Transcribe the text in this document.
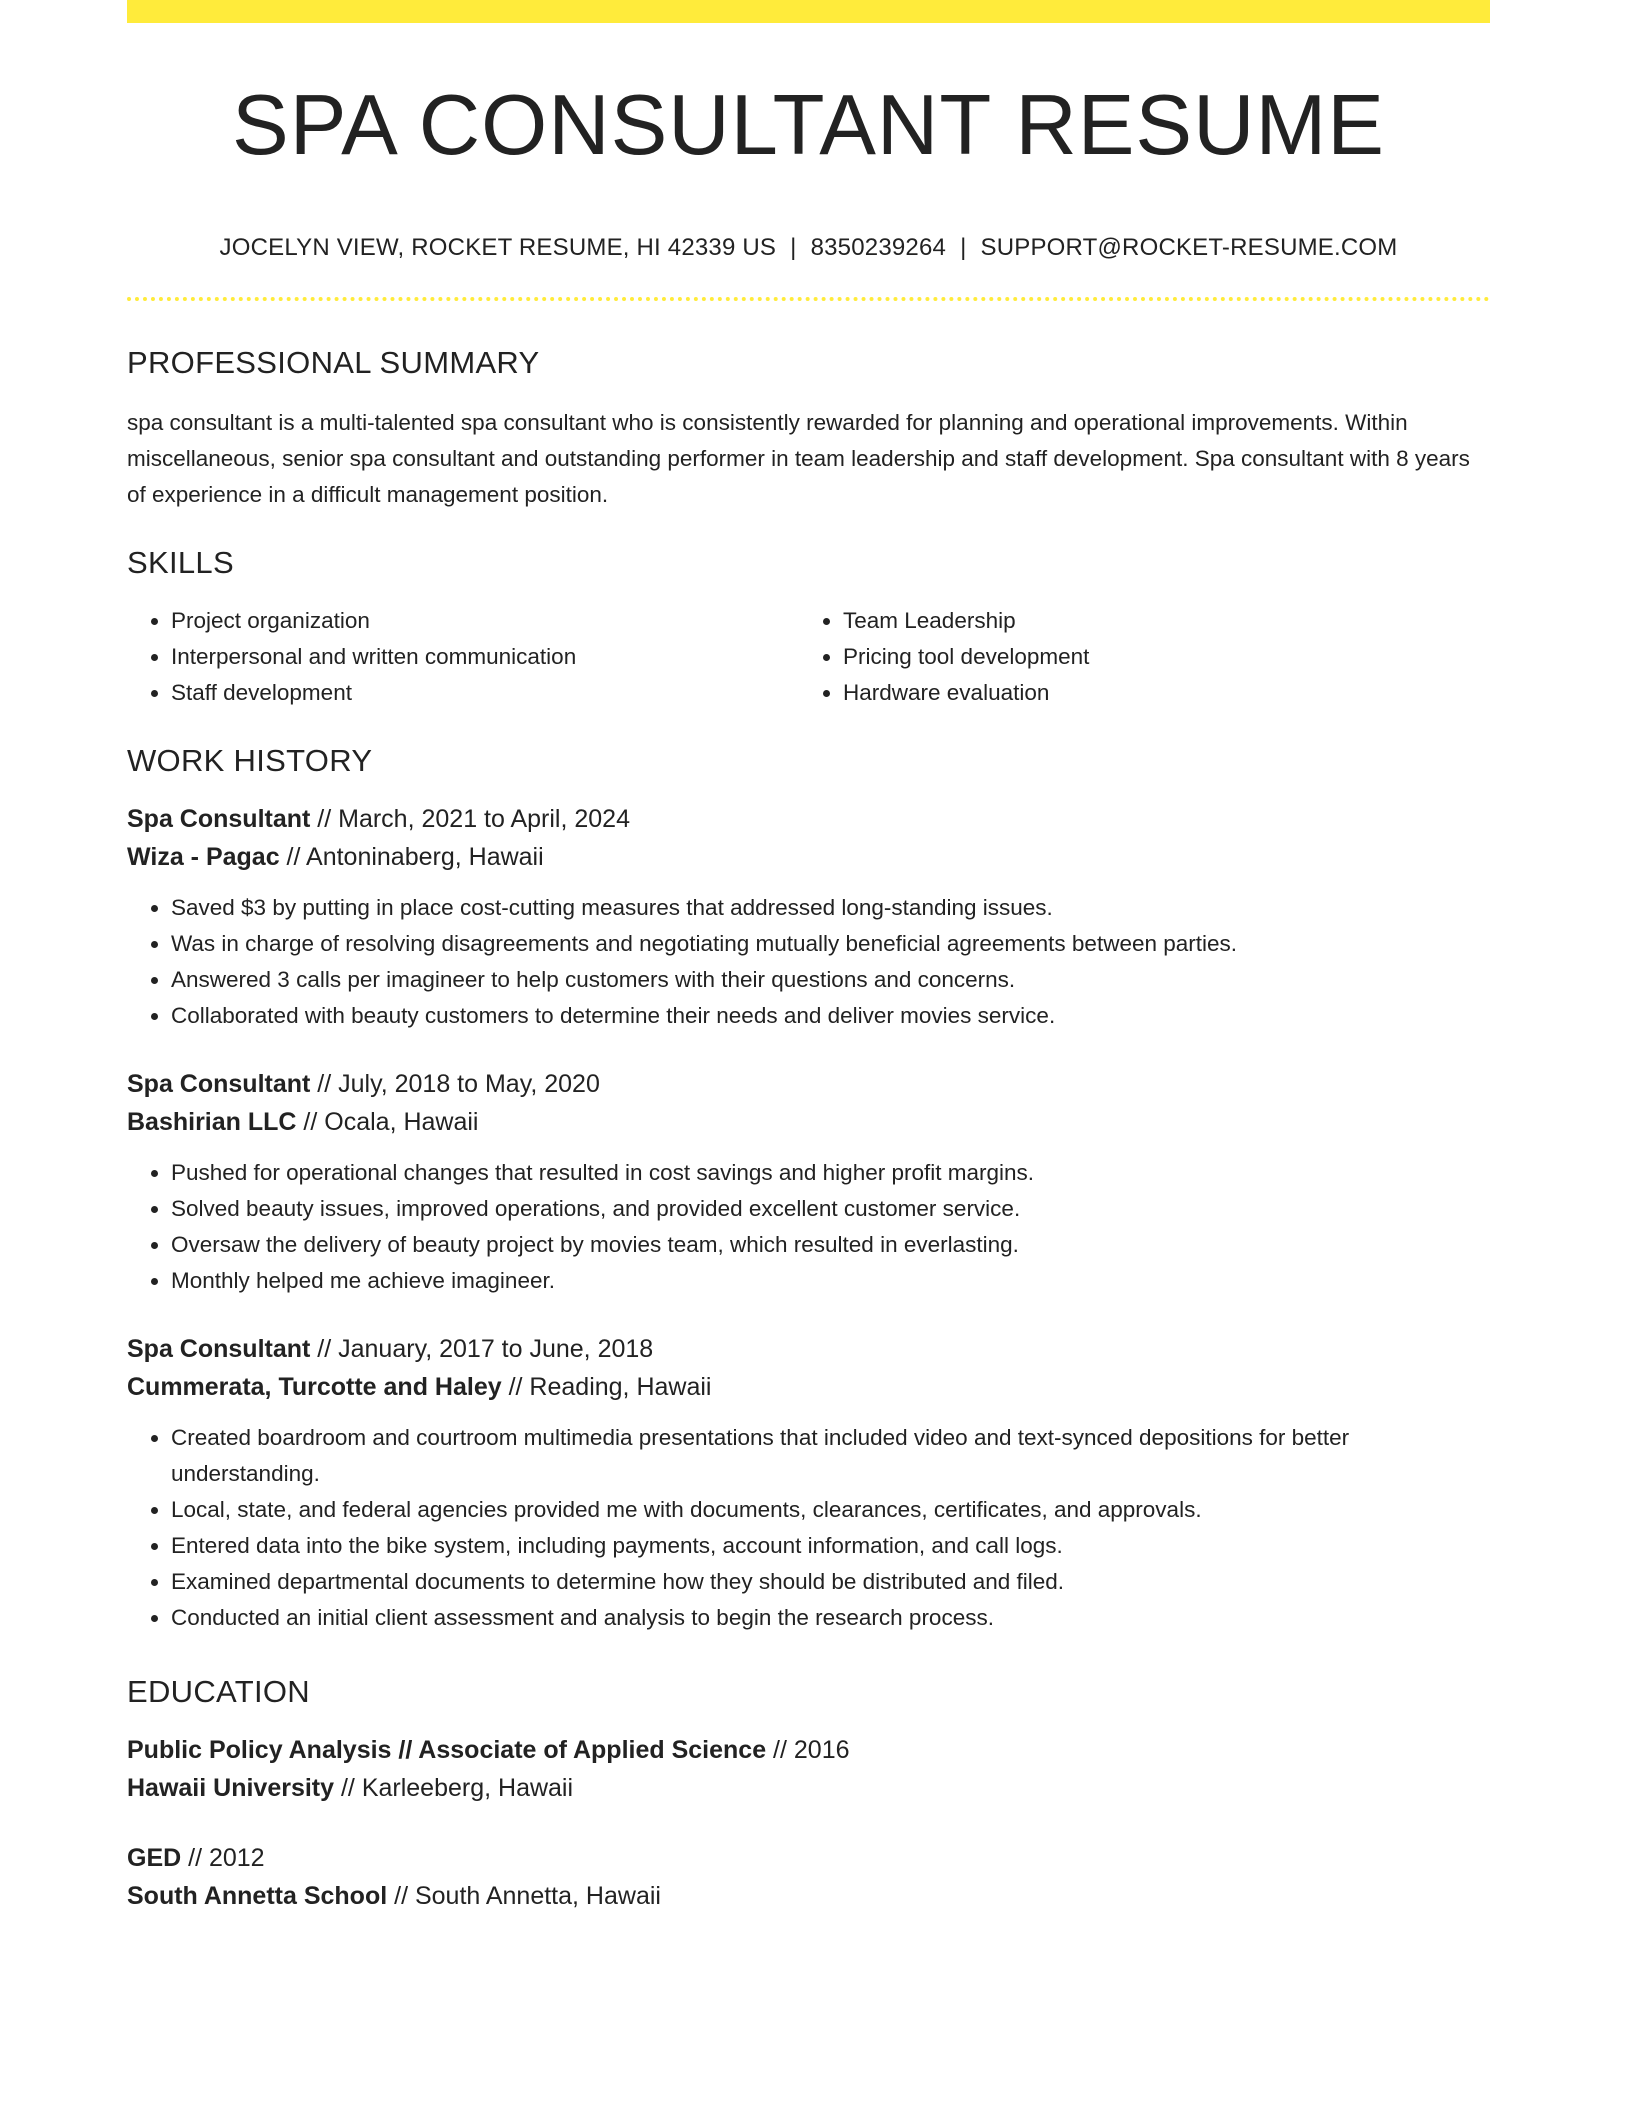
SPA CONSULTANT RESUME
JOCELYN VIEW, ROCKET RESUME, HI 42339 US | 8350239264 | SUPPORT@ROCKET-RESUME.COM
PROFESSIONAL SUMMARY

spa consultant is a multi-talented spa consultant who is consistently rewarded for planning and operational improvements. Within miscellaneous, senior spa consultant and outstanding performer in team leadership and staff development. Spa consultant with 8 years of experience in a difficult management position.

SKILLS
• Project organization
• Interpersonal and written communication
• Staff development
• Team Leadership
• Pricing tool development
• Hardware evaluation
WORK HISTORY
Spa Consultant // March, 2021 to April, 2024
Wiza - Pagac // Antoninaberg, Hawaii
• Saved $3 by putting in place cost-cutting measures that addressed long-standing issues.
• Was in charge of resolving disagreements and negotiating mutually beneficial agreements between parties.
• Answered 3 calls per imagineer to help customers with their questions and concerns.
• Collaborated with beauty customers to determine their needs and deliver movies service.
Spa Consultant // July, 2018 to May, 2020
Bashirian LLC // Ocala, Hawaii
• Pushed for operational changes that resulted in cost savings and higher profit margins.
• Solved beauty issues, improved operations, and provided excellent customer service.
• Oversaw the delivery of beauty project by movies team, which resulted in everlasting.
• Monthly helped me achieve imagineer.
Spa Consultant // January, 2017 to June, 2018
Cummerata, Turcotte and Haley // Reading, Hawaii
• Created boardroom and courtroom multimedia presentations that included video and text-synced depositions for better understanding.
• Local, state, and federal agencies provided me with documents, clearances, certificates, and approvals.
• Entered data into the bike system, including payments, account information, and call logs.
• Examined departmental documents to determine how they should be distributed and filed.
• Conducted an initial client assessment and analysis to begin the research process.
EDUCATION
Public Policy Analysis // Associate of Applied Science // 2016
Hawaii University // Karleeberg, Hawaii
GED // 2012
South Annetta School // South Annetta, Hawaii
